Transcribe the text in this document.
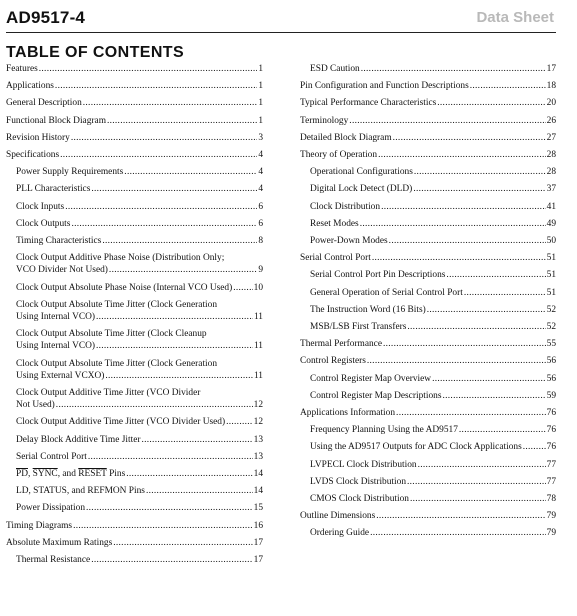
AD9517-4	Data Sheet
TABLE OF CONTENTS
Features .....	1
Applications .....	1
General Description .....	1
Functional Block Diagram .....	1
Revision History .....	3
Specifications .....	4
Power Supply Requirements .....	4
PLL Characteristics .....	4
Clock Inputs .....	6
Clock Outputs .....	6
Timing Characteristics .....	8
Clock Output Additive Phase Noise (Distribution Only;
VCO Divider Not Used) .....	9
Clock Output Absolute Phase Noise (Internal VCO Used) ..... 10
Clock Output Absolute Time Jitter (Clock Generation
Using Internal VCO) .....	11
Clock Output Absolute Time Jitter (Clock Cleanup
Using Internal VCO) .....	11
Clock Output Absolute Time Jitter (Clock Generation
Using External VCXO) .....	11
Clock Output Additive Time Jitter (VCO Divider
Not Used) .....	12
Clock Output Additive Time Jitter (VCO Divider Used) .....	12
Delay Block Additive Time Jitter .....	13
Serial Control Port .....	13
$\overline{PD}$, SYNC, and RESET Pins .....	14
LD, STATUS, and REFMON Pins .....	14
Power Dissipation .....	15
Timing Diagrams .....	16
Absolute Maximum Ratings .....	17
Thermal Resistance .....	17
ESD Caution .....	17
Pin Configuration and Function Descriptions .....	18
Typical Performance Characteristics .....	20
Terminology .....	26
Detailed Block Diagram .....	27
Theory of Operation .....	28
Operational Configurations .....	28
Digital Lock Detect (DLD) .....	37
Clock Distribution .....	41
Reset Modes .....	49
Power-Down Modes .....	50
Serial Control Port .....	51
Serial Control Port Pin Descriptions .....	51
General Operation of Serial Control Port .....	51
The Instruction Word (16 Bits) .....	52
MSB/LSB First Transfers .....	52
Thermal Performance .....	55
Control Registers .....	56
Control Register Map Overview .....	56
Control Register Map Descriptions .....	59
Applications Information .....	76
Frequency Planning Using the AD9517 .....	76
Using the AD9517 Outputs for ADC Clock Applications .....	76
LVPECL Clock Distribution .....	77
LVDS Clock Distribution .....	77
CMOS Clock Distribution .....	78
Outline Dimensions .....	79
Ordering Guide .....	79
